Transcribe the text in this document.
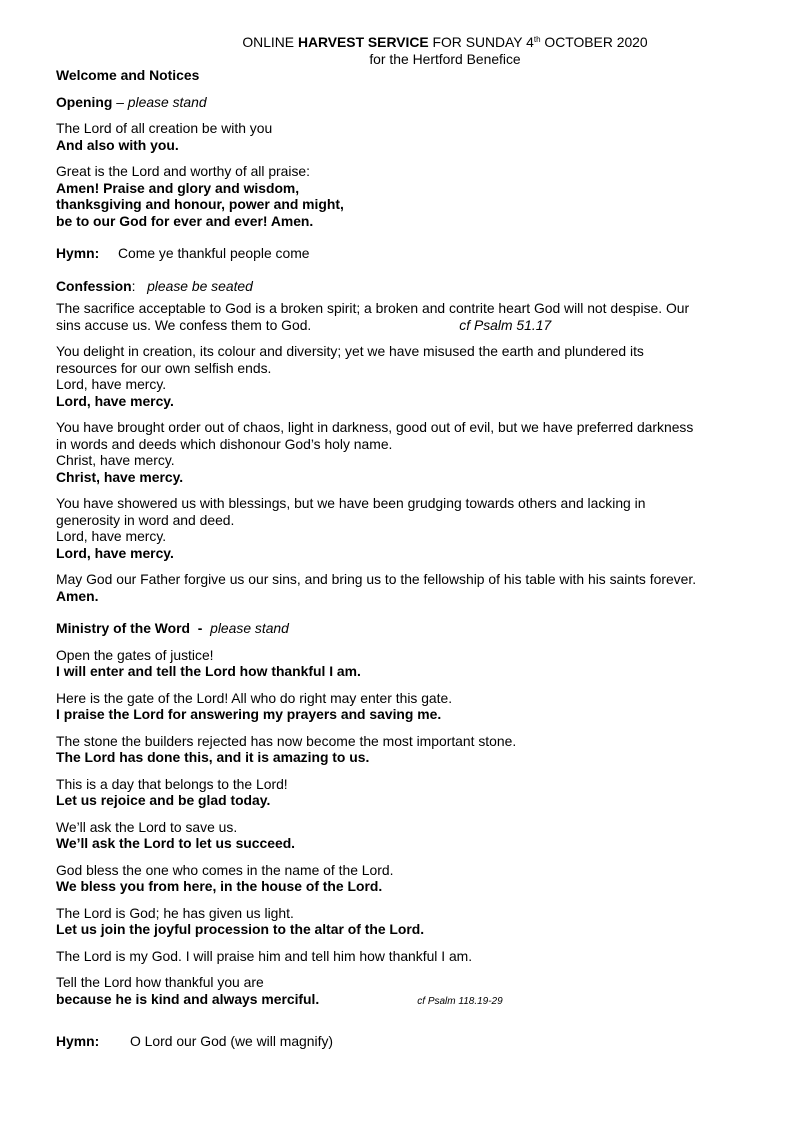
ONLINE HARVEST SERVICE FOR SUNDAY 4th OCTOBER 2020
for the Hertford Benefice
Welcome and Notices
Opening – please stand
The Lord of all creation be with you
And also with you.
Great is the Lord and worthy of all praise:
Amen! Praise and glory and wisdom,
thanksgiving and honour, power and might,
be to our God for ever and ever! Amen.
Hymn: Come ye thankful people come
Confession: please be seated
The sacrifice acceptable to God is a broken spirit; a broken and contrite heart God will not despise. Our
sins accuse us. We confess them to God.	cf Psalm 51.17
You delight in creation, its colour and diversity; yet we have misused the earth and plundered its
resources for our own selfish ends.
Lord, have mercy.
Lord, have mercy.
You have brought order out of chaos, light in darkness, good out of evil, but we have preferred darkness
in words and deeds which dishonour God’s holy name.
Christ, have mercy.
Christ, have mercy.
You have showered us with blessings, but we have been grudging towards others and lacking in
generosity in word and deed.
Lord, have mercy.
Lord, have mercy.
May God our Father forgive us our sins, and bring us to the fellowship of his table with his saints forever.
Amen.
Ministry of the Word  -  please stand
Open the gates of justice!
I will enter and tell the Lord how thankful I am.
Here is the gate of the Lord! All who do right may enter this gate.
I praise the Lord for answering my prayers and saving me.
The stone the builders rejected has now become the most important stone.
The Lord has done this, and it is amazing to us.
This is a day that belongs to the Lord!
Let us rejoice and be glad today.
We’ll ask the Lord to save us.
We’ll ask the Lord to let us succeed.
God bless the one who comes in the name of the Lord.
We bless you from here, in the house of the Lord.
The Lord is God; he has given us light.
Let us join the joyful procession to the altar of the Lord.
The Lord is my God. I will praise him and tell him how thankful I am.
Tell the Lord how thankful you are
because he is kind and always merciful.	cf Psalm 118.19-29
Hymn: O Lord our God (we will magnify)
